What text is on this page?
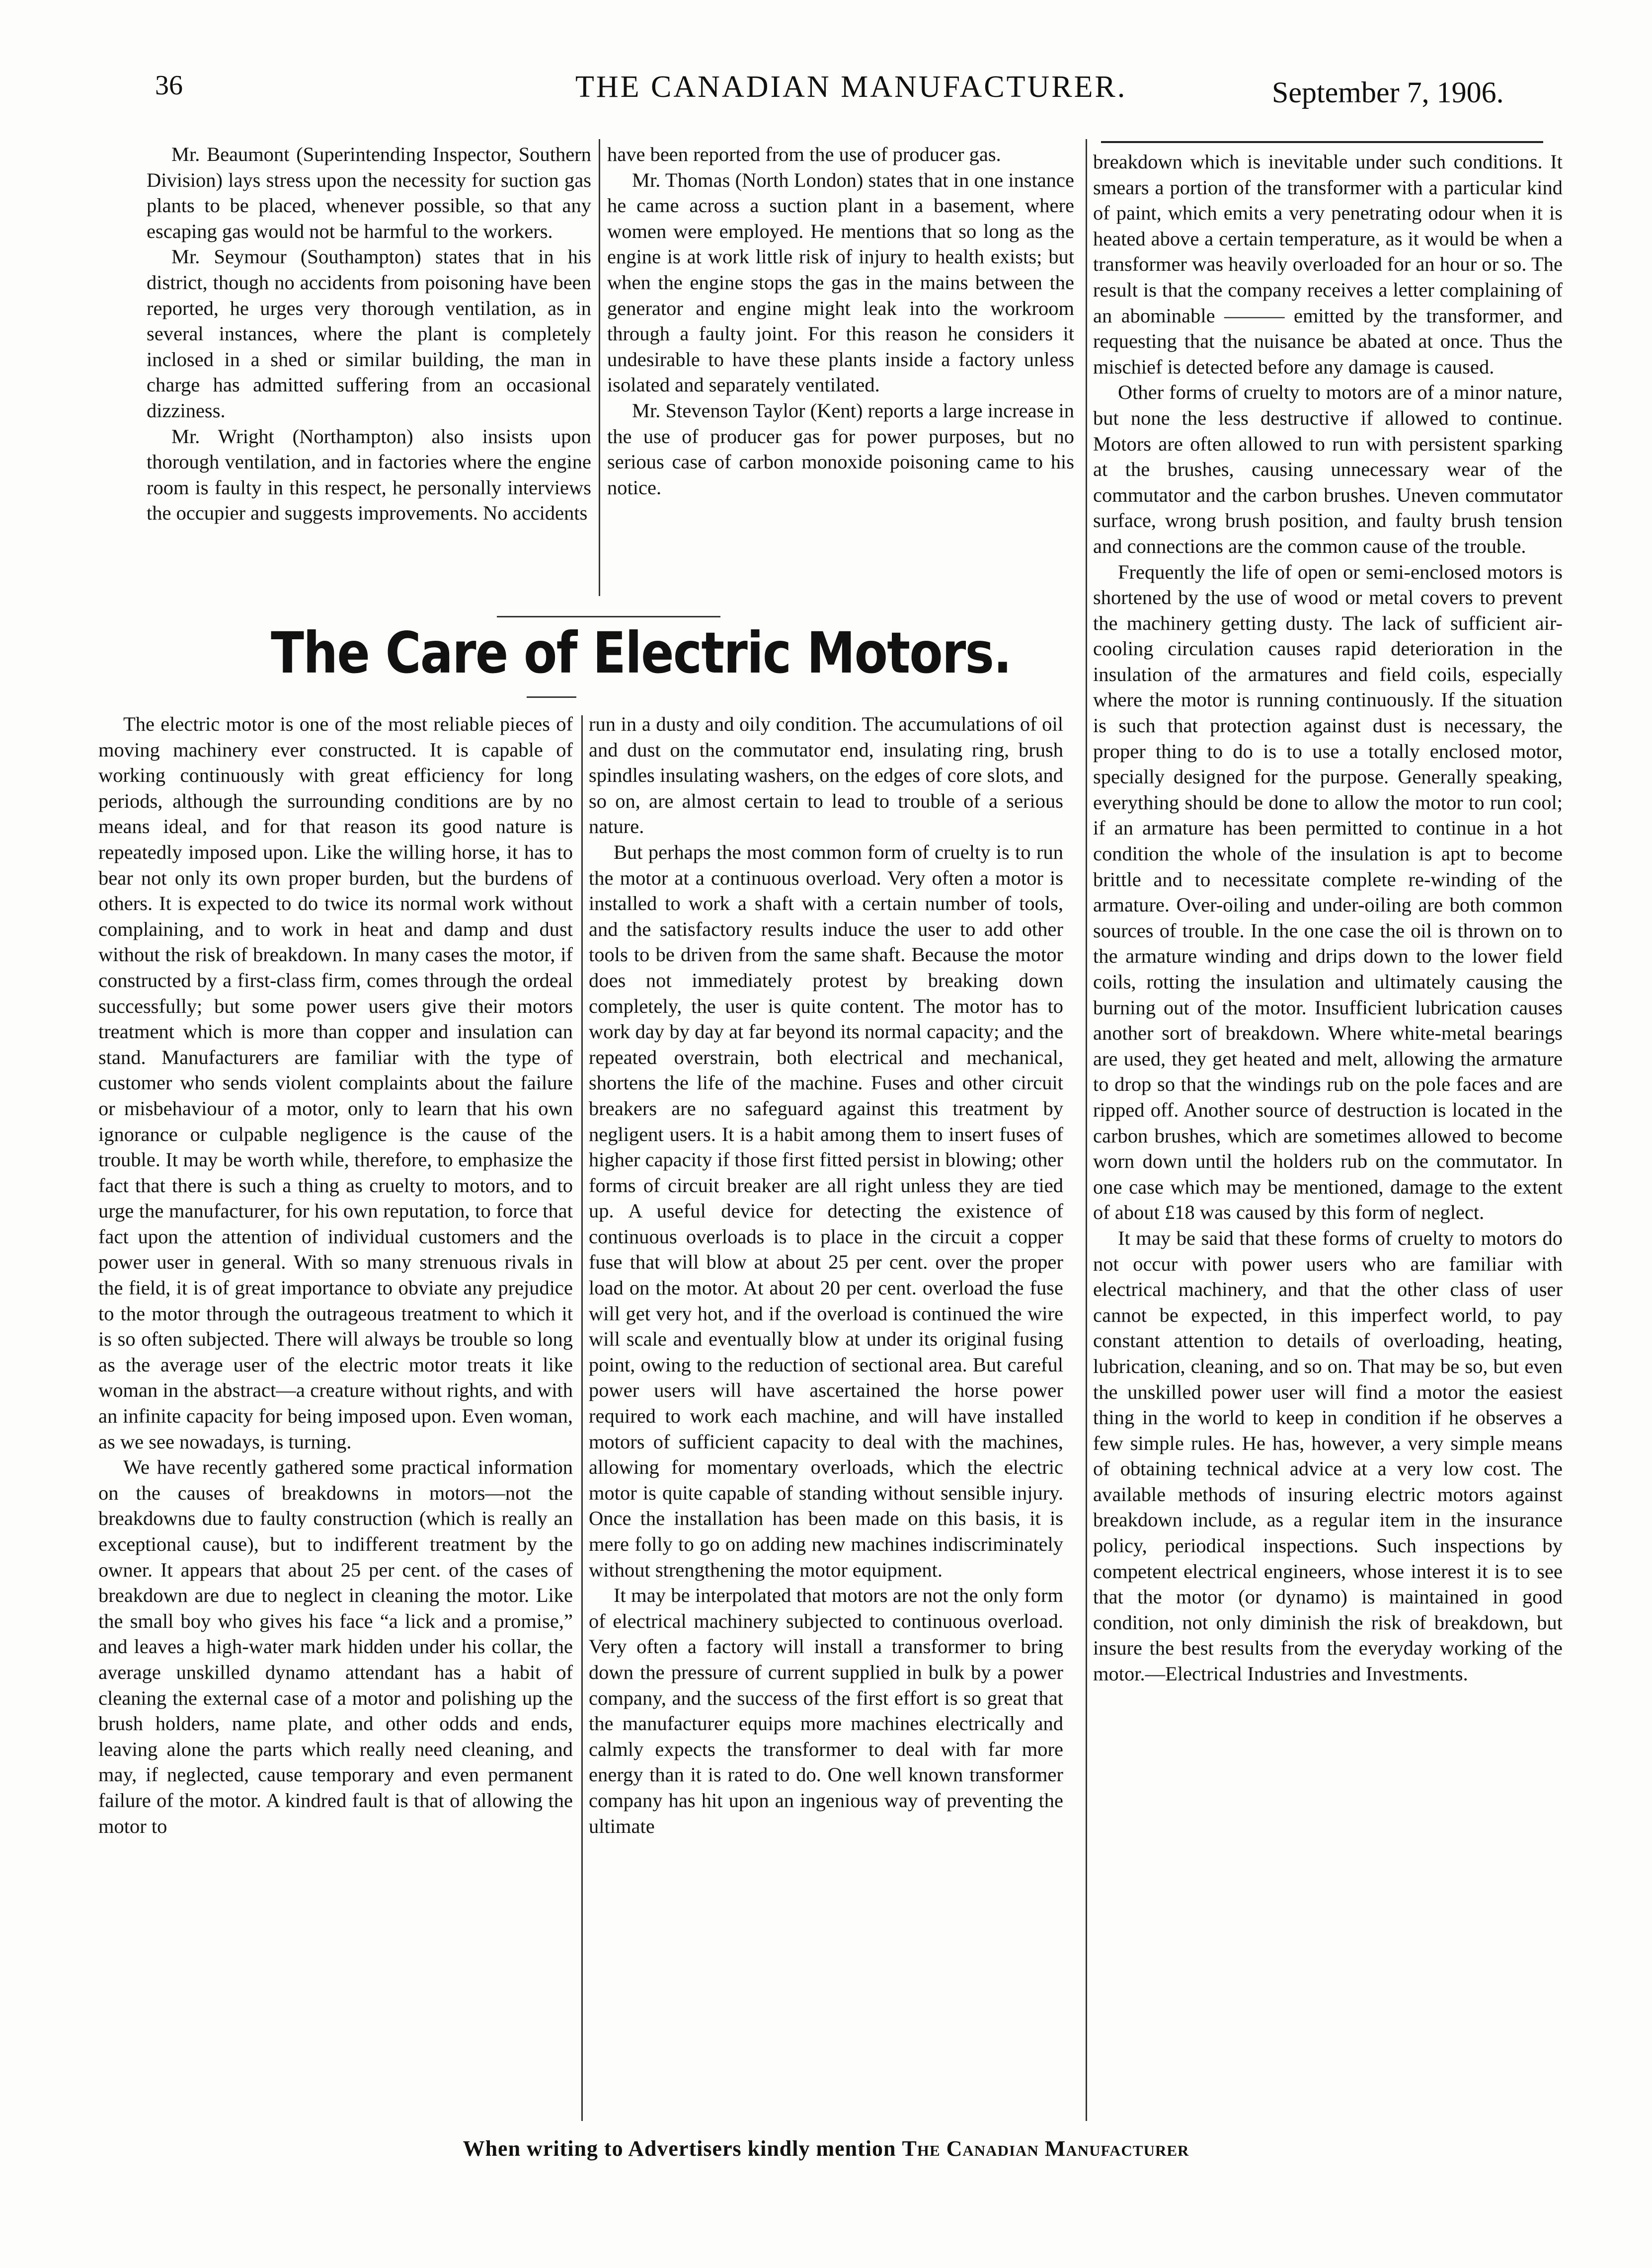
36	THE CANADIAN MANUFACTURER.	September 7, 1906.

Mr. Beaumont (Superintending Inspector, Southern Division) lays stress upon the necessity for suction gas plants to be placed, whenever possible, so that any escaping gas would not be harmful to the workers.

Mr. Seymour (Southampton) states that in his district, though no accidents from poisoning have been reported, he urges very thorough ventilation, as in several instances, where the plant is completely inclosed in a shed or similar building, the man in charge has admitted suffering from an occasional dizziness.

Mr. Wright (Northampton) also insists upon thorough ventilation, and in factories where the engine room is faulty in this respect, he personally interviews the occupier and suggests improvements. No accidents

have been reported from the use of producer gas.

Mr. Thomas (North London) states that in one instance he came across a suction plant in a basement, where women were employed. He mentions that so long as the engine is at work little risk of injury to health exists; but when the engine stops the gas in the mains between the generator and engine might leak into the workroom through a faulty joint. For this reason he considers it undesirable to have these plants inside a factory unless isolated and separately ventilated.

Mr. Stevenson Taylor (Kent) reports a large increase in the use of producer gas for power purposes, but no serious case of carbon monoxide poisoning came to his notice.

The Care of Electric Motors.

The electric motor is one of the most reliable pieces of moving machinery ever constructed. It is capable of working continuously with great efficiency for long periods, although the surrounding conditions are by no means ideal, and for that reason its good nature is repeatedly imposed upon. Like the willing horse, it has to bear not only its own proper burden, but the burdens of others. It is expected to do twice its normal work without complaining, and to work in heat and damp and dust without the risk of breakdown. In many cases the motor, if constructed by a first-class firm, comes through the ordeal successfully; but some power users give their motors treatment which is more than copper and insulation can stand. Manufacturers are familiar with the type of customer who sends violent complaints about the failure or misbehaviour of a motor, only to learn that his own ignorance or culpable negligence is the cause of the trouble. It may be worth while, therefore, to emphasize the fact that there is such a thing as cruelty to motors, and to urge the manufacturer, for his own reputation, to force that fact upon the attention of individual customers and the power user in general. With so many strenuous rivals in the field, it is of great importance to obviate any prejudice to the motor through the outrageous treatment to which it is so often subjected. There will always be trouble so long as the average user of the electric motor treats it like woman in the abstract—a creature without rights, and with an infinite capacity for being imposed upon. Even woman, as we see nowadays, is turning.

We have recently gathered some practical information on the causes of breakdowns in motors—not the breakdowns due to faulty construction (which is really an exceptional cause), but to indifferent treatment by the owner. It appears that about 25 per cent. of the cases of breakdown are due to neglect in cleaning the motor. Like the small boy who gives his face “a lick and a promise,” and leaves a high-water mark hidden under his collar, the average unskilled dynamo attendant has a habit of cleaning the external case of a motor and polishing up the brush holders, name plate, and other odds and ends, leaving alone the parts which really need cleaning, and may, if neglected, cause temporary and even permanent failure of the motor. A kindred fault is that of allowing the motor to

run in a dusty and oily condition. The accumulations of oil and dust on the commutator end, insulating ring, brush spindles insulating washers, on the edges of core slots, and so on, are almost certain to lead to trouble of a serious nature.

But perhaps the most common form of cruelty is to run the motor at a continuous overload. Very often a motor is installed to work a shaft with a certain number of tools, and the satisfactory results induce the user to add other tools to be driven from the same shaft. Because the motor does not immediately protest by breaking down completely, the user is quite content. The motor has to work day by day at far beyond its normal capacity; and the repeated overstrain, both electrical and mechanical, shortens the life of the machine. Fuses and other circuit breakers are no safeguard against this treatment by negligent users. It is a habit among them to insert fuses of higher capacity if those first fitted persist in blowing; other forms of circuit breaker are all right unless they are tied up. A useful device for detecting the existence of continuous overloads is to place in the circuit a copper fuse that will blow at about 25 per cent. over the proper load on the motor. At about 20 per cent. overload the fuse will get very hot, and if the overload is continued the wire will scale and eventually blow at under its original fusing point, owing to the reduction of sectional area. But careful power users will have ascertained the horse power required to work each machine, and will have installed motors of sufficient capacity to deal with the machines, allowing for momentary overloads, which the electric motor is quite capable of standing without sensible injury. Once the installation has been made on this basis, it is mere folly to go on adding new machines indiscriminately without strengthening the motor equipment.

It may be interpolated that motors are not the only form of electrical machinery subjected to continuous overload. Very often a factory will install a transformer to bring down the pressure of current supplied in bulk by a power company, and the success of the first effort is so great that the manufacturer equips more machines electrically and calmly expects the transformer to deal with far more energy than it is rated to do. One well known transformer company has hit upon an ingenious way of preventing the ultimate

breakdown which is inevitable under such conditions. It smears a portion of the transformer with a particular kind of paint, which emits a very penetrating odour when it is heated above a certain temperature, as it would be when a transformer was heavily overloaded for an hour or so. The result is that the company receives a letter complaining of an abominable ——— emitted by the transformer, and requesting that the nuisance be abated at once. Thus the mischief is detected before any damage is caused.

Other forms of cruelty to motors are of a minor nature, but none the less destructive if allowed to continue. Motors are often allowed to run with persistent sparking at the brushes, causing unnecessary wear of the commutator and the carbon brushes. Uneven commutator surface, wrong brush position, and faulty brush tension and connections are the common cause of the trouble.

Frequently the life of open or semi-enclosed motors is shortened by the use of wood or metal covers to prevent the machinery getting dusty. The lack of sufficient air-cooling circulation causes rapid deterioration in the insulation of the armatures and field coils, especially where the motor is running continuously. If the situation is such that protection against dust is necessary, the proper thing to do is to use a totally enclosed motor, specially designed for the purpose. Generally speaking, everything should be done to allow the motor to run cool; if an armature has been permitted to continue in a hot condition the whole of the insulation is apt to become brittle and to necessitate complete re-winding of the armature. Over-oiling and under-oiling are both common sources of trouble. In the one case the oil is thrown on to the armature winding and drips down to the lower field coils, rotting the insulation and ultimately causing the burning out of the motor. Insufficient lubrication causes another sort of breakdown. Where white-metal bearings are used, they get heated and melt, allowing the armature to drop so that the windings rub on the pole faces and are ripped off. Another source of destruction is located in the carbon brushes, which are sometimes allowed to become worn down until the holders rub on the commutator. In one case which may be mentioned, damage to the extent of about £18 was caused by this form of neglect.

It may be said that these forms of cruelty to motors do not occur with power users who are familiar with electrical machinery, and that the other class of user cannot be expected, in this imperfect world, to pay constant attention to details of overloading, heating, lubrication, cleaning, and so on. That may be so, but even the unskilled power user will find a motor the easiest thing in the world to keep in condition if he observes a few simple rules. He has, however, a very simple means of obtaining technical advice at a very low cost. The available methods of insuring electric motors against breakdown include, as a regular item in the insurance policy, periodical inspections. Such inspections by competent electrical engineers, whose interest it is to see that the motor (or dynamo) is maintained in good condition, not only diminish the risk of breakdown, but insure the best results from the everyday working of the motor.—Electrical Industries and Investments.

When writing to Advertisers kindly mention The Canadian Manufacturer
